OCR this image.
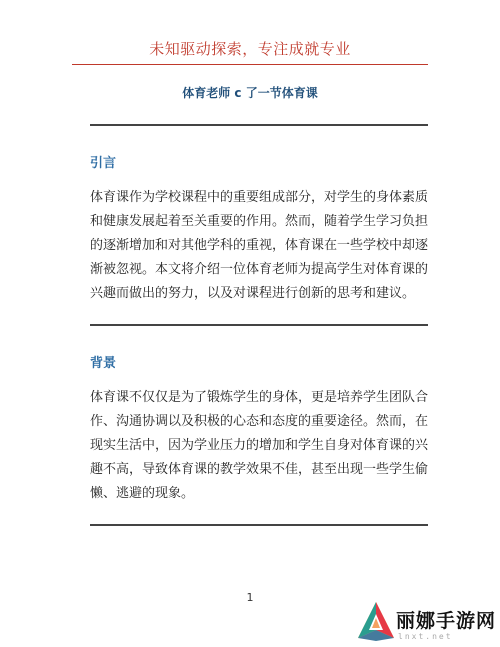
未知驱动探索，专注成就专业
体育老师 c 了一节体育课
引言
体育课作为学校课程中的重要组成部分，对学生的身体素质和健康发展起着至关重要的作用。然而，随着学生学习负担的逐渐增加和对其他学科的重视，体育课在一些学校中却逐渐被忽视。本文将介绍一位体育老师为提高学生对体育课的兴趣而做出的努力，以及对课程进行创新的思考和建议。
背景
体育课不仅仅是为了锻炼学生的身体，更是培养学生团队合作、沟通协调以及积极的心态和态度的重要途径。然而，在现实生活中，因为学业压力的增加和学生自身对体育课的兴趣不高，导致体育课的教学效果不佳，甚至出现一些学生偷懒、逃避的现象。
1
丽娜手游网
lnxt.net
